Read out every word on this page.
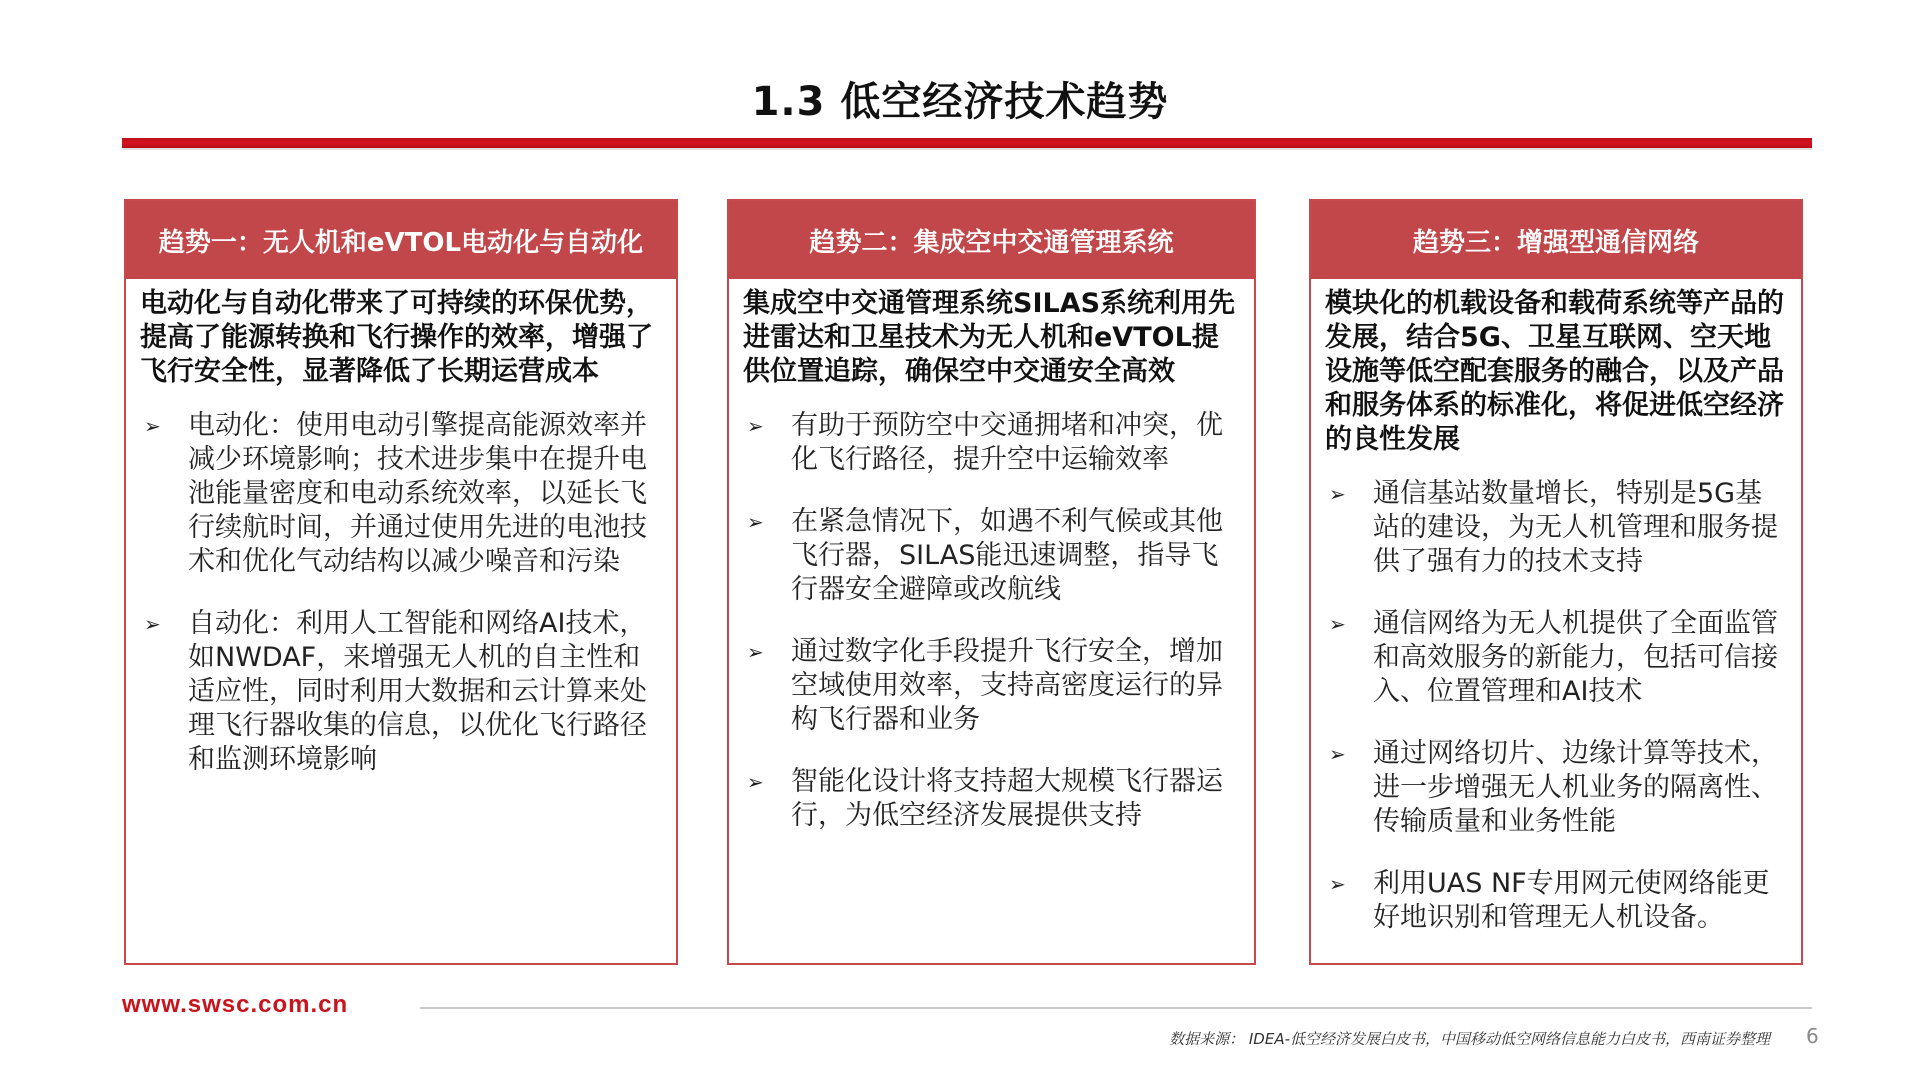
1.3 低空经济技术趋势
趋势一：无人机和eVTOL电动化与自动化
电动化与自动化带来了可持续的环保优势，提高了能源转换和飞行操作的效率，增强了飞行安全性，显著降低了长期运营成本
➢	电动化：使用电动引擎提高能源效率并减少环境影响；技术进步集中在提升电池能量密度和电动系统效率，以延长飞行续航时间，并通过使用先进的电池技术和优化气动结构以减少噪音和污染
➢	自动化：利用人工智能和网络AI技术，如NWDAF，来增强无人机的自主性和适应性，同时利用大数据和云计算来处理飞行器收集的信息，以优化飞行路径和监测环境影响
趋势二：集成空中交通管理系统
集成空中交通管理系统SILAS系统利用先进雷达和卫星技术为无人机和eVTOL提供位置追踪，确保空中交通安全高效
➢	有助于预防空中交通拥堵和冲突，优化飞行路径，提升空中运输效率
➢	在紧急情况下，如遇不利气候或其他飞行器，SILAS能迅速调整，指导飞行器安全避障或改航线
➢	通过数字化手段提升飞行安全，增加空域使用效率，支持高密度运行的异构飞行器和业务
➢	智能化设计将支持超大规模飞行器运行，为低空经济发展提供支持
趋势三：增强型通信网络
模块化的机载设备和载荷系统等产品的发展，结合5G、卫星互联网、空天地设施等低空配套服务的融合，以及产品和服务体系的标准化，将促进低空经济的良性发展
➢	通信基站数量增长，特别是5G基站的建设，为无人机管理和服务提供了强有力的技术支持
➢	通信网络为无人机提供了全面监管和高效服务的新能力，包括可信接入、位置管理和AI技术
➢	通过网络切片、边缘计算等技术，进一步增强无人机业务的隔离性、传输质量和业务性能
➢	利用UAS NF专用网元使网络能更好地识别和管理无人机设备。
www.swsc.com.cn
数据来源： IDEA-低空经济发展白皮书，中国移动低空网络信息能力白皮书，西南证券整理 6
